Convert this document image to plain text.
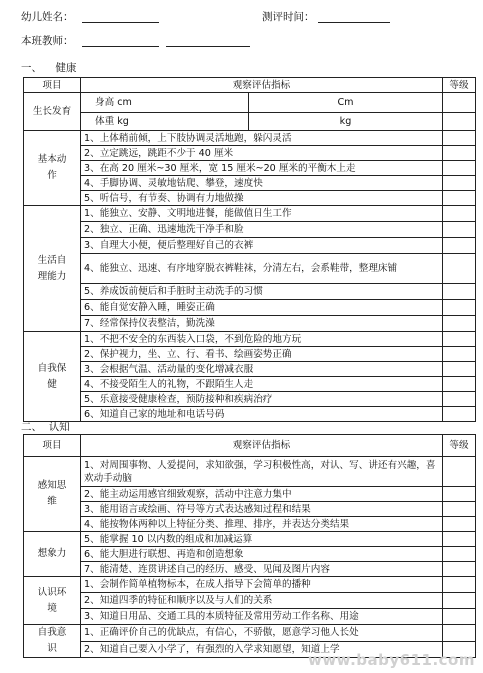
幼儿姓名：	测评时间：
本班教师：
一、 健康
项目	观察评估指标		等级
生长发育	身高 cm	Cm	
	体重 kg	kg	
基本动作	1、上体稍前倾，上下肢协调灵活地跑，躲闪灵活		
	2、立定跳远，跳距不少于 40 厘米		
	3、在高 20 厘米~30 厘米，宽 15 厘米~20 厘米的平衡木上走		
	4、手脚协调、灵敏地钻爬、攀登，速度快		
	5、听信号，有节奏、协调有力地做操		
生活自理能力	1、能独立、安静、文明地进餐，能做值日生工作		
	2、独立、正确、迅速地洗干净手和脸		
	3、自理大小便，便后整理好自己的衣裤		
	4、能独立、迅速、有序地穿脱衣裤鞋袜，分清左右，会系鞋带，整理床铺		
	5、养成饭前便后和手脏时主动洗手的习惯		
	6、能自觉安静入睡，睡姿正确		
	7、经常保持仪表整洁，勤洗澡		
自我保健	1、不把不安全的东西装入口袋，不到危险的地方玩		
	2、保护视力，坐、立、行、看书、绘画姿势正确		
	3、会根据气温、活动量的变化增减衣服		
	4、不接受陌生人的礼物，不跟陌生人走		
	5、乐意接受健康检查，预防接种和疾病治疗		
	6、知道自己家的地址和电话号码		
二、 认知
项目	观察评估指标	等级
感知思维	1、对周围事物、人爱提问，求知欲强，学习积极性高，对认、写、讲还有兴趣，喜欢动手动脑	
	2、能主动运用感官细致观察，活动中注意力集中	
	3、能用语言或绘画、符号等方式表达感知过程和结果	
	4、能按物体两种以上特征分类、推理、排序，并表达分类结果	
想象力	5、能掌握 10 以内数的组成和加减运算	
	6、能大胆进行联想、再造和创造想象	
	7、能清楚、连贯讲述自己的经历、感受、见闻及图片内容	
认识环境	1、会制作简单植物标本，在成人指导下会简单的播种	
	2、知道四季的特征和顺序以及与人们的关系	
	3、知道日用品、交通工具的本质特征及常用劳动工作名称、用途	
自我意识	1、正确评价自己的优缺点，有信心，不骄傲，愿意学习他人长处	
	2、知道自己要入小学了，有强烈的入学求知愿望，知道上学	
www.baby611.com
